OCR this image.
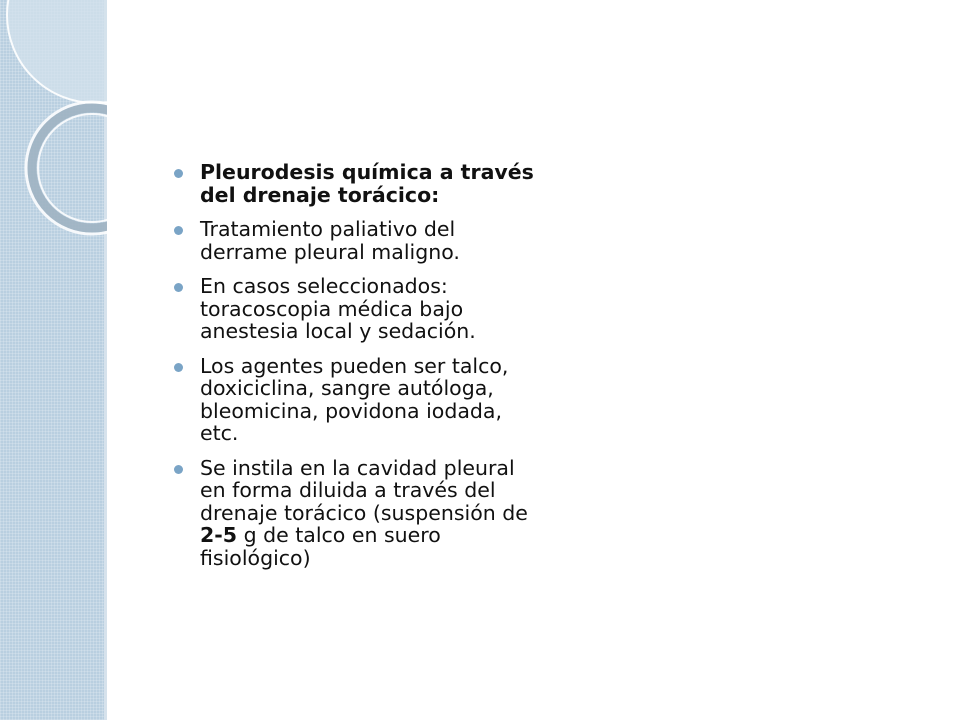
Pleurodesis química a través del drenaje torácico:
Tratamiento paliativo del derrame pleural maligno.
En casos seleccionados: toracoscopia médica bajo anestesia local y sedación.
Los agentes pueden ser talco, doxiciclina, sangre autóloga, bleomicina, povidona iodada, etc.
Se instila en la cavidad pleural en forma diluida a través del drenaje torácico (suspensión de 2-5 g de talco en suero fisiológico)
